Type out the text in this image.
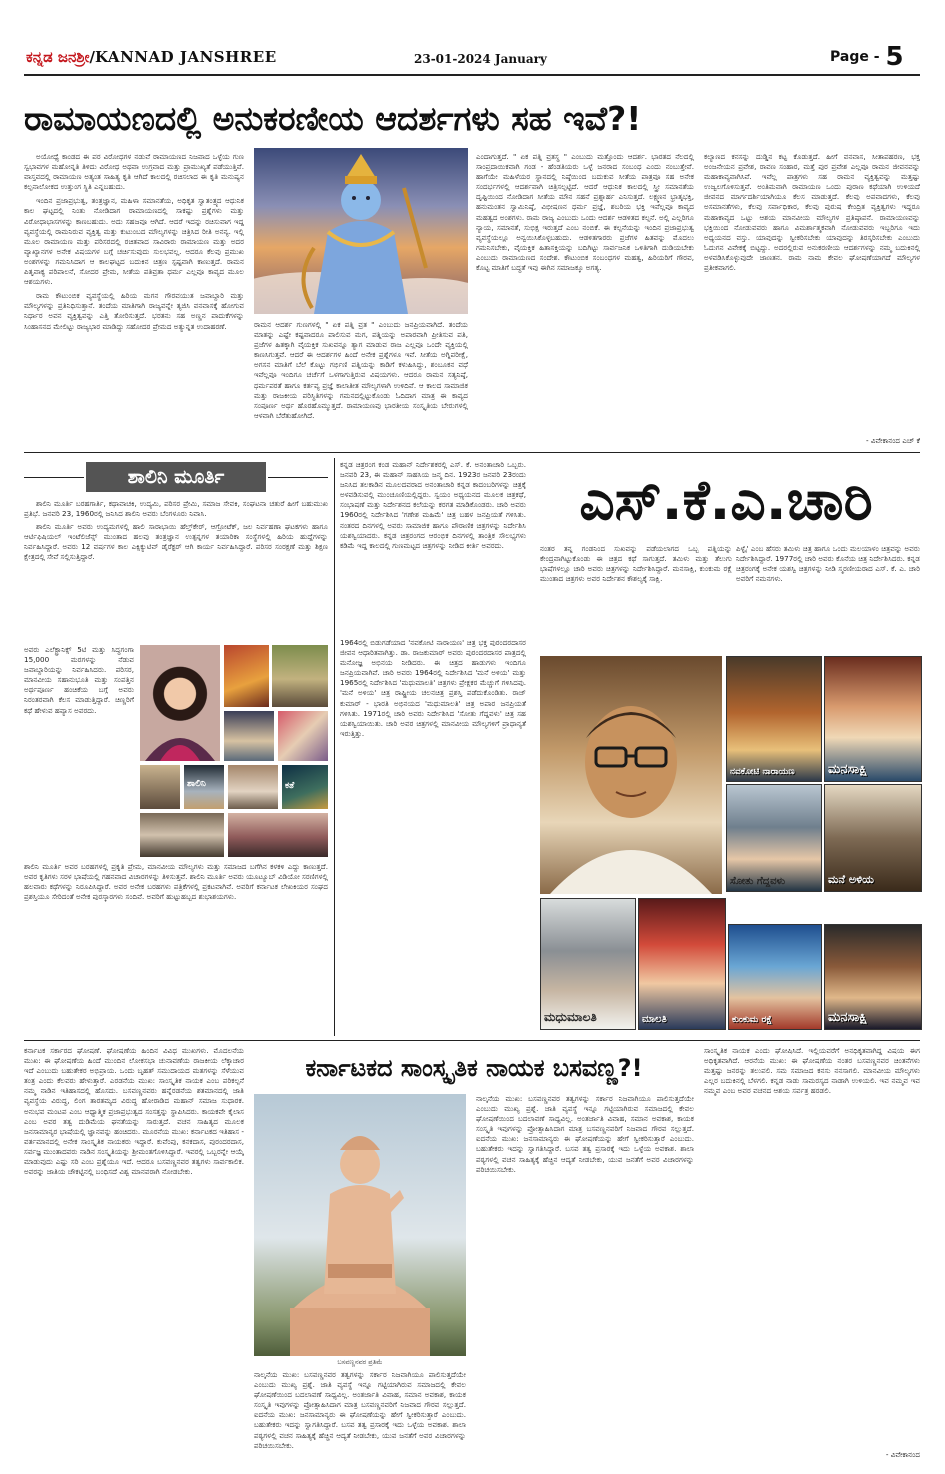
ಕನ್ನಡ ಜನಶ್ರೀ/KANNAD JANSHREE	23-01-2024 January	Page - 5
ರಾಮಾಯಣದಲ್ಲಿ ಅನುಕರಣೀಯ ಆದರ್ಶಗಳು ಸಹ ಇವೆ?!
ಅಯೋಧ್ಯೆ ಕಾಂಡದ ಈ ಪರ ವಿರೋಧಗಳ ನಡುವೆ ರಾಮಾಯಣದ ನಿಜವಾದ ಒಳ್ಳೆಯ ಗುಣ ಸ್ವಭಾವಗಳ ಮಹೋನ್ನತಿ ತಿಳಿದು ವಿರೋಧ ಅಥವಾ ಉಗ್ರವಾದ ಮತ್ತು ಪ್ರಾಮುಖ್ಯತೆ ಪಡೆಯುತ್ತಿವೆ. ವಾಸ್ತವದಲ್ಲಿ ರಾಮಾಯಣ ಅತ್ಯಂತ ಸಾಹಿತ್ಯ ಕೃತಿ ಆಗಿದೆ ಕಾಲದಲ್ಲಿ ರಚಿಸಲಾದ ಈ ಕೃತಿ ಮನುಷ್ಯನ ಕಲ್ಪನಾಲೋಕದ ಉತ್ತುಂಗ ಸ್ಥಿತಿ ಎನ್ನಬಹುದು.
ಇಂದಿನ ಪ್ರಜಾಪ್ರಭುತ್ವ, ತಂತ್ರಜ್ಞಾನ, ಮಹಿಳಾ ಸಮಾನತೆಯ, ಅಧಿಕೃತ ಸ್ವಾತಂತ್ರ್ಯದ ಆಧುನಿಕ ಕಾಲ ಘಟ್ಟದಲ್ಲಿ ನಿಂತು ನೋಡಿದಾಗ ರಾಮಾಯಣದಲ್ಲಿ ಸಾಕಷ್ಟು ಪ್ರಶ್ನೆಗಳು ಮತ್ತು ವಿರೋಧಾಭಾಸಗಳನ್ನು ಕಾಣಬಹುದು. ಅದು ಸಹಜವೂ ಆಗಿದೆ. ಆದರೆ ಇದನ್ನು ರಚಿಸುವಾಗ ಇದ್ದ ವ್ಯವಸ್ಥೆಯಲ್ಲಿ ರಾಮನಿರುವ ವ್ಯಕ್ತಿತ್ವ ಮತ್ತು ಕುಟುಂಬದ ಮೌಲ್ಯಗಳನ್ನು ಚಿತ್ರಿಸಿದ ರೀತಿ ಅನನ್ಯ. ಇಲ್ಲಿ ಮೂಲ ರಾಮಾಯಣ ಮತ್ತು ಪರಿಸರದಲ್ಲಿ ರಚಿತವಾದ ಸಾವಿರಾರು ರಾಮಾಯಣ ಮತ್ತು ಅದರ ವ್ಯಾಖ್ಯಾನಗಳ ಅನೇಕ ವಿಷಯಗಳ ಬಗ್ಗೆ ಚರ್ಚಿಸುವುದು ಸುಲಭವಲ್ಲ. ಆದರೂ ಕೆಲವು ಪ್ರಮುಖ ಅಂಶಗಳನ್ನು ಗಮನಿಸಿದಾಗ ಆ ಕಾಲಘಟ್ಟದ ಬದುಕಿನ ಚಿತ್ರಣ ಸ್ಪಷ್ಟವಾಗಿ ಕಾಣುತ್ತದೆ. ರಾಮನ ಪಿತೃವಾಕ್ಯ ಪರಿಪಾಲನೆ, ಸೋದರ ಪ್ರೇಮ, ಸೀತೆಯ ಪತಿವ್ರತಾ ಧರ್ಮ ಎಲ್ಲವೂ ಕಾವ್ಯದ ಮೂಲ ಆಶಯಗಳು.
ರಾಮ ಕೌಟುಂಬಿಕ ವ್ಯವಸ್ಥೆಯಲ್ಲಿ ಹಿರಿಯ ಮಗನ ಗೌರವಯುತ ಜವಾಬ್ದಾರಿ ಮತ್ತು ಮೌಲ್ಯಗಳನ್ನು ಪ್ರತಿನಿಧಿಸುತ್ತಾನೆ. ತಂದೆಯ ಮಾತಿಗಾಗಿ ರಾಜ್ಯವನ್ನೇ ತ್ಯಜಿಸಿ ವನವಾಸಕ್ಕೆ ಹೋಗುವ ನಿರ್ಧಾರ ಅವನ ವ್ಯಕ್ತಿತ್ವವನ್ನು ಎತ್ತಿ ತೋರಿಸುತ್ತದೆ. ಭರತನು ಸಹ ಅಣ್ಣನ ಪಾದುಕೆಗಳನ್ನು ಸಿಂಹಾಸನದ ಮೇಲಿಟ್ಟು ರಾಜ್ಯಭಾರ ಮಾಡಿದ್ದು ಸಹೋದರ ಪ್ರೇಮದ ಅತ್ಯುನ್ನತ ಉದಾಹರಣೆ.	ರಾಮನ ಆದರ್ಶ ಗುಣಗಳಲ್ಲಿ " ಏಕ ಪತ್ನಿ ವ್ರತ " ಎಂಬುದು ಜನಪ್ರಿಯವಾಗಿದೆ. ತಂದೆಯ ಮಾತನ್ನು ಎಷ್ಟೇ ಕಷ್ಟವಾದರೂ ಪಾಲಿಸುವ ಮಗ, ಪತ್ನಿಯನ್ನು ಅಪಾರವಾಗಿ ಪ್ರೀತಿಸುವ ಪತಿ, ಪ್ರಜೆಗಳ ಹಿತಕ್ಕಾಗಿ ವೈಯಕ್ತಿಕ ಸುಖವನ್ನೂ ತ್ಯಾಗ ಮಾಡುವ ರಾಜ ಎಲ್ಲವೂ ಒಂದೇ ವ್ಯಕ್ತಿಯಲ್ಲಿ ಕಾಣಸಿಗುತ್ತವೆ. ಆದರೆ ಈ ಆದರ್ಶಗಳ ಹಿಂದೆ ಅನೇಕ ಪ್ರಶ್ನೆಗಳೂ ಇವೆ. ಸೀತೆಯ ಅಗ್ನಿಪರೀಕ್ಷೆ, ಅಗಸನ ಮಾತಿಗೆ ಬೆಲೆ ಕೊಟ್ಟು ಗರ್ಭಿಣಿ ಪತ್ನಿಯನ್ನು ಕಾಡಿಗೆ ಕಳುಹಿಸಿದ್ದು, ಶಂಬೂಕನ ವಧೆ ಇವೆಲ್ಲವೂ ಇಂದಿಗೂ ಚರ್ಚೆಗೆ ಒಳಗಾಗುತ್ತಿರುವ ವಿಷಯಗಳು. ಆದರೂ ರಾಮನ ಸತ್ಯನಿಷ್ಠೆ, ಧರ್ಮಪರತೆ ಹಾಗೂ ಕರ್ತವ್ಯ ಪ್ರಜ್ಞೆ ಕಾಲಾತೀತ ಮೌಲ್ಯಗಳಾಗಿ ಉಳಿದಿವೆ. ಆ ಕಾಲದ ಸಾಮಾಜಿಕ ಮತ್ತು ರಾಜಕೀಯ ಪರಿಸ್ಥಿತಿಗಳನ್ನು ಗಮನದಲ್ಲಿಟ್ಟುಕೊಂಡು ಓದಿದಾಗ ಮಾತ್ರ ಈ ಕಾವ್ಯದ ಸಂಪೂರ್ಣ ಅರ್ಥ ಹೊರಹೊಮ್ಮುತ್ತದೆ. ರಾಮಾಯಣವು ಭಾರತೀಯ ಸಂಸ್ಕೃತಿಯ ಬೇರುಗಳಲ್ಲಿ ಆಳವಾಗಿ ಬೆರೆತುಹೋಗಿದೆ.
ಎಂದಾಗುತ್ತದೆ. " ಏಕ ಪತ್ನಿ ವ್ರತಸ್ಥ " ಎಂಬುದು ಮತ್ತೊಂದು ಆದರ್ಶ. ಭಾರತದ ನೆಲದಲ್ಲಿ ಸಾಂಪ್ರದಾಯಿಕವಾಗಿ ಗಂಡ - ಹೆಂಡತಿಯರು ಒಳ್ಳೆ ಜನರಾದ ಸಂಬಂಧ ಎಂದು ನಂಬುತ್ತೇವೆ. ಹಾಗೆಯೇ ಮಹಿಳೆಯರ ಸ್ಥಾನದಲ್ಲಿ ನಿಷ್ಠೆಯಿಂದ ಬದುಕುವ ಸೀತೆಯ ಪಾತ್ರವೂ ಸಹ ಅನೇಕ ಸಂದರ್ಭಗಳಲ್ಲಿ ಆದರ್ಶವಾಗಿ ಚಿತ್ರಿಸಲ್ಪಟ್ಟಿದೆ. ಆದರೆ ಆಧುನಿಕ ಕಾಲದಲ್ಲಿ ಸ್ತ್ರೀ ಸಮಾನತೆಯ ದೃಷ್ಟಿಯಿಂದ ನೋಡಿದಾಗ ಸೀತೆಯ ಮೌನ ಸಹನೆ ಪ್ರಶ್ನಾರ್ಹ ಎನಿಸುತ್ತದೆ. ಲಕ್ಷ್ಮಣನ ಭ್ರಾತೃಭಕ್ತಿ, ಹನುಮಂತನ ಸ್ವಾಮಿನಿಷ್ಠೆ, ವಿಭೀಷಣನ ಧರ್ಮ ಪ್ರಜ್ಞೆ, ಶಬರಿಯ ಭಕ್ತಿ ಇವೆಲ್ಲವೂ ಕಾವ್ಯದ ಮಹತ್ವದ ಅಂಶಗಳು. ರಾಮ ರಾಜ್ಯ ಎಂಬುದು ಒಂದು ಆದರ್ಶ ಆಡಳಿತದ ಕಲ್ಪನೆ. ಅಲ್ಲಿ ಎಲ್ಲರಿಗೂ ನ್ಯಾಯ, ಸಮಾನತೆ, ಸುಭಿಕ್ಷ ಇರುತ್ತದೆ ಎಂಬ ನಂಬಿಕೆ. ಈ ಕಲ್ಪನೆಯನ್ನು ಇಂದಿನ ಪ್ರಜಾಪ್ರಭುತ್ವ ವ್ಯವಸ್ಥೆಯಲ್ಲೂ ಅನ್ವಯಿಸಿಕೊಳ್ಳಬಹುದು. ಆಡಳಿತಗಾರರು ಪ್ರಜೆಗಳ ಹಿತವನ್ನು ಮೊದಲು ಗಮನಿಸಬೇಕು, ವೈಯಕ್ತಿಕ ಹಿತಾಸಕ್ತಿಯನ್ನು ಬದಿಗಿಟ್ಟು ಸಾರ್ವಜನಿಕ ಒಳಿತಿಗಾಗಿ ದುಡಿಯಬೇಕು ಎಂಬುದು ರಾಮಾಯಣದ ಸಂದೇಶ. ಕೌಟುಂಬಿಕ ಸಂಬಂಧಗಳ ಮಹತ್ವ, ಹಿರಿಯರಿಗೆ ಗೌರವ, ಕೊಟ್ಟ ಮಾತಿಗೆ ಬದ್ಧತೆ ಇವು ಈಗಿನ ಸಮಾಜಕ್ಕೂ ಅಗತ್ಯ.
ಕಲ್ಯಾಣದ ಕನಸನ್ನು ದುಡ್ಡಿನ ಕಟ್ಟ ಕೊಡುತ್ತದೆ. ಹೀಗೆ ವನವಾಸ, ಸೀತಾಪಹರಣ, ಭಕ್ತ ಅಂಜನೇಯನ ಪ್ರವೇಶ, ರಾವಣ ಸಂಹಾರ, ಮತ್ತೆ ಪುರ ಪ್ರವೇಶ ಎಲ್ಲವೂ ರಾಮನ ಜೀವನವನ್ನು ಮಹಾಕಾವ್ಯವಾಗಿಸಿವೆ. ಇವೆಲ್ಲ ಪಾತ್ರಗಳು ಸಹ ರಾಮನ ವ್ಯಕ್ತಿತ್ವವನ್ನು ಮತ್ತಷ್ಟು ಉಜ್ವಲಗೊಳಿಸುತ್ತವೆ. ಅಂತಿಮವಾಗಿ ರಾಮಾಯಣ ಒಂದು ಪುರಾಣ ಕಥೆಯಾಗಿ ಉಳಿಯದೆ ಜೀವನದ ಮಾರ್ಗದರ್ಶಿಯಾಗಿಯೂ ಕೆಲಸ ಮಾಡುತ್ತದೆ. ಕೆಲವು ಅಪವಾದಗಳು, ಕೆಲವು ಅಸಮಾನತೆಗಳು, ಕೆಲವು ಸರ್ವಾಧಿಕಾರ, ಕೆಲವು ಪುರುಷ ಕೇಂದ್ರಿತ ವ್ಯಕ್ತಿತ್ವಗಳು ಇದ್ದರೂ ಮಹಾಕಾವ್ಯದ ಒಟ್ಟು ಆಶಯ ಮಾನವೀಯ ಮೌಲ್ಯಗಳ ಪ್ರತಿಷ್ಠಾಪನೆ. ರಾಮಾಯಣವನ್ನು ಭಕ್ತಿಯಿಂದ ನೋಡುವವರು ಹಾಗೂ ವಿಮರ್ಶಾತ್ಮಕವಾಗಿ ನೋಡುವವರು ಇಬ್ಬರಿಗೂ ಇದು ಅಧ್ಯಯನದ ವಸ್ತು. ಯಾವುದನ್ನು ಸ್ವೀಕರಿಸಬೇಕು ಯಾವುದನ್ನು ತಿರಸ್ಕರಿಸಬೇಕು ಎಂಬುದು ಓದುಗನ ವಿವೇಕಕ್ಕೆ ಬಿಟ್ಟದ್ದು. ಅದರಲ್ಲಿರುವ ಅನುಕರಣೀಯ ಆದರ್ಶಗಳನ್ನು ನಮ್ಮ ಬದುಕಿನಲ್ಲಿ ಅಳವಡಿಸಿಕೊಳ್ಳುವುದೇ ಜಾಣತನ. ರಾಮ ನಾಮ ಕೇವಲ ಘೋಷಣೆಯಾಗದೆ ಮೌಲ್ಯಗಳ ಪ್ರತೀಕವಾಗಲಿ.
- ವಿವೇಕಾನಂದ ಎಚ್ ಕೆ
ಶಾಲಿನಿ ಮೂರ್ತಿ
ಶಾಲಿನಿ ಮೂರ್ತಿ ಬರಹಗಾರ್ತಿ, ಕಥಾವಾಚಕಿ, ಉದ್ಯಮಿ, ಪರಿಸರ ಪ್ರೇಮಿ, ಸಮಾಜ ಸೇವಕಿ, ಸಂಘಟನಾ ಚತುರೆ ಹೀಗೆ ಬಹುಮುಖ ಪ್ರತಿಭೆ. ಜನವರಿ 23, 1960ರಲ್ಲಿ ಜನಿಸಿದ ಶಾಲಿನಿ ಅವರು ಬೆಂಗಳೂರು ನಿವಾಸಿ.
ಶಾಲಿನಿ ಮೂರ್ತಿ ಅವರು ಉದ್ಯಮಗಳಲ್ಲಿ ಹಾಲಿ ಸಾರಾಭಾಯಿ ಹೆಲ್ತ್‌ಕೇರ್, ಆಗ್ರೋಟೆಕ್, ಜಲ ನಿರ್ವಹಣಾ ಘಟಕಗಳು ಹಾಗೂ ಆರ್ಟಿಫಿಷಿಯಲ್ ಇಂಟೆಲಿಜೆನ್ಸ್ ಮುಂತಾದ ಹಲವು ತಂತ್ರಜ್ಞಾನ ಉತ್ಪನ್ನಗಳ ತಯಾರಿಕಾ ಸಂಸ್ಥೆಗಳಲ್ಲಿ ಹಿರಿಯ ಹುದ್ದೆಗಳನ್ನು ನಿರ್ವಹಿಸಿದ್ದಾರೆ. ಅವರು 12 ವರ್ಷಗಳ ಕಾಲ ಎಕ್ಸಿಕ್ಯುಟಿವ್ ಡೈರೆಕ್ಟರ್ ಆಗಿ ಕಾರ್ಯ ನಿರ್ವಹಿಸಿದ್ದಾರೆ. ಪರಿಸರ ಸಂರಕ್ಷಣೆ ಮತ್ತು ಶಿಕ್ಷಣ ಕ್ಷೇತ್ರದಲ್ಲಿ ಸೇವೆ ಸಲ್ಲಿಸುತ್ತಿದ್ದಾರೆ.
ಅವರು ಎಲೆಕ್ಟ್ರಾನಿಕ್ಸ್ 5ಟಿ ಮತ್ತು ಸಿದ್ಧಗಂಗಾ 15,000 ಮರಗಳನ್ನು ನೆಡುವ ಜವಾಬ್ದಾರಿಯನ್ನು ನಿರ್ವಹಿಸಿದರು. ಪರಿಸರ, ಮಾನವೀಯ ಸಹಾನುಭೂತಿ ಮತ್ತು ಸಂಪತ್ತಿನ ಅರ್ಥಪೂರ್ಣ ಹಂಚಿಕೆಯ ಬಗ್ಗೆ ಅವರು ನಿರಂತರವಾಗಿ ಕೆಲಸ ಮಾಡುತ್ತಿದ್ದಾರೆ. ಚಿಣ್ಣರಿಗೆ ಕಥೆ ಹೇಳುವ ಹವ್ಯಾಸ ಅವರದು.
ಶಾಲಿನಿ	ಕತೆ
ಶಾಲಿನಿ ಮೂರ್ತಿ ಅವರ ಬರಹಗಳಲ್ಲಿ ಪ್ರಕೃತಿ ಪ್ರೇಮ, ಮಾನವೀಯ ಮೌಲ್ಯಗಳು ಮತ್ತು ಸಮಾಜದ ಬಗೆಗಿನ ಕಳಕಳಿ ಎದ್ದು ಕಾಣುತ್ತದೆ. ಅವರ ಕೃತಿಗಳು ಸರಳ ಭಾಷೆಯಲ್ಲಿ ಗಹನವಾದ ವಿಚಾರಗಳನ್ನು ತಿಳಿಸುತ್ತವೆ. ಶಾಲಿನಿ ಮೂರ್ತಿ ಅವರು ಯೂಟ್ಯೂಬ್ ವಿಡಿಯೋ ಸರಣಿಗಳಲ್ಲಿ ಹಲವಾರು ಕಥೆಗಳನ್ನು ನಿರೂಪಿಸಿದ್ದಾರೆ. ಅವರ ಅನೇಕ ಬರಹಗಳು ಪತ್ರಿಕೆಗಳಲ್ಲಿ ಪ್ರಕಟವಾಗಿವೆ. ಅವರಿಗೆ ಕರ್ನಾಟಕ ಲೇಖಕಿಯರ ಸಂಘದ ಪ್ರಶಸ್ತಿಯೂ ಸೇರಿದಂತೆ ಅನೇಕ ಪುರಸ್ಕಾರಗಳು ಸಂದಿವೆ. ಅವರಿಗೆ ಹುಟ್ಟುಹಬ್ಬದ ಶುಭಾಶಯಗಳು.
ಕನ್ನಡ ಚಿತ್ರರಂಗ ಕಂಡ ಮಹಾನ್ ನಿರ್ದೇಶಕರಲ್ಲಿ ಎಸ್. ಕೆ. ಅನಂತಾಚಾರಿ ಒಬ್ಬರು. ಜನವರಿ 23, ಈ ಮಹಾನ್ ಸಾಹಸಿಯ ಜನ್ಮ ದಿನ. 1923ರ ಜನವರಿ 23ರಂದು ಜನಿಸಿದ ತಲಕಾಡಿನ ಮೂಲದವರಾದ ಅನಂತಾಚಾರಿ ಕನ್ನಡ ಕಾದಂಬರಿಗಳನ್ನು ಚಿತ್ರಕ್ಕೆ ಅಳವಡಿಸುವಲ್ಲಿ ಮುಂಚೂಣಿಯಲ್ಲಿದ್ದರು. ಸ್ವಯಂ ಅಧ್ಯಯನದ ಮೂಲಕ ಚಿತ್ರಕಥೆ, ಸಂಭಾಷಣೆ ಮತ್ತು ನಿರ್ದೇಶನದ ಕಲೆಯನ್ನು ಕರಗತ ಮಾಡಿಕೊಂಡರು. ಚಾರಿ ಅವರು 1960ರಲ್ಲಿ ನಿರ್ದೇಶಿಸಿದ 'ಗಣೇಶ ಮಹಿಮೆ' ಚಿತ್ರ ಬಹಳ ಜನಪ್ರಿಯತೆ ಗಳಿಸಿತು. ನಂತರದ ದಿನಗಳಲ್ಲಿ ಅವರು ಸಾಮಾಜಿಕ ಹಾಗೂ ಪೌರಾಣಿಕ ಚಿತ್ರಗಳನ್ನು ನಿರ್ದೇಶಿಸಿ ಯಶಸ್ವಿಯಾದರು. ಕನ್ನಡ ಚಿತ್ರರಂಗದ ಆರಂಭಿಕ ದಿನಗಳಲ್ಲಿ ತಾಂತ್ರಿಕ ಸೌಲಭ್ಯಗಳು ಕಡಿಮೆ ಇದ್ದ ಕಾಲದಲ್ಲಿ ಗುಣಮಟ್ಟದ ಚಿತ್ರಗಳನ್ನು ನೀಡಿದ ಕೀರ್ತಿ ಅವರದು.
ಎಸ್.ಕೆ.ಎ.ಚಾರಿ
ನಂತರ ತನ್ನ ಗಂಡನಿಂದ ಸುಖವನ್ನು ಪಡೆಯಲಾಗದ ಒಬ್ಬ ಪತ್ನಿಯನ್ನು ಕೇಂದ್ರವಾಗಿಟ್ಟುಕೊಂಡು ಈ ಚಿತ್ರದ ಕಥೆ ಸಾಗುತ್ತದೆ. ತಮಿಳು ಮತ್ತು ತೆಲುಗು ಭಾಷೆಗಳಲ್ಲೂ ಚಾರಿ ಅವರು ಚಿತ್ರಗಳನ್ನು ನಿರ್ದೇಶಿಸಿದ್ದಾರೆ. ಮನಸಾಕ್ಷಿ, ಕುಂಕುಮ ರಕ್ಷೆ ಮುಂತಾದ ಚಿತ್ರಗಳು ಅವರ ನಿರ್ದೇಶನ ಕೌಶಲ್ಯಕ್ಕೆ ಸಾಕ್ಷಿ.
ಪಿಳ್ಳೈ' ಎಂಬ ಹೆಸರು ತಮಿಳು ಚಿತ್ರ ಹಾಗೂ ಒಂದು ಮಲಯಾಳಂ ಚಿತ್ರವನ್ನು ಅವರು ನಿರ್ದೇಶಿಸಿದ್ದಾರೆ. 1977ರಲ್ಲಿ ಚಾರಿ ಅವರು ಕೊನೆಯ ಚಿತ್ರ ನಿರ್ದೇಶಿಸಿದರು. ಕನ್ನಡ ಚಿತ್ರರಂಗಕ್ಕೆ ಅನೇಕ ಯಶಸ್ವಿ ಚಿತ್ರಗಳನ್ನು ನೀಡಿ ಸ್ಮರಣೀಯರಾದ ಎಸ್. ಕೆ. ಎ. ಚಾರಿ ಅವರಿಗೆ ನಮನಗಳು.
1964ರಲ್ಲಿ ಬಿಡುಗಡೆಯಾದ 'ನವಕೋಟಿ ನಾರಾಯಣ' ಚಿತ್ರ ಭಕ್ತ ಪುರಂದರದಾಸರ ಜೀವನ ಆಧಾರಿತವಾಗಿತ್ತು. ಡಾ. ರಾಜಕುಮಾರ್ ಅವರು ಪುರಂದರದಾಸರ ಪಾತ್ರದಲ್ಲಿ ಮನೋಜ್ಞ ಅಭಿನಯ ನೀಡಿದರು. ಈ ಚಿತ್ರದ ಹಾಡುಗಳು ಇಂದಿಗೂ ಜನಪ್ರಿಯವಾಗಿವೆ. ಚಾರಿ ಅವರು 1964ರಲ್ಲಿ ನಿರ್ದೇಶಿಸಿದ 'ಮನೆ ಅಳಿಯ' ಮತ್ತು 1965ರಲ್ಲಿ ನಿರ್ದೇಶಿಸಿದ 'ಮಧುಮಾಲತಿ' ಚಿತ್ರಗಳು ಪ್ರೇಕ್ಷಕರ ಮೆಚ್ಚುಗೆ ಗಳಿಸಿದವು. 'ಮನೆ ಅಳಿಯ' ಚಿತ್ರ ರಾಷ್ಟ್ರೀಯ ಚಲನಚಿತ್ರ ಪ್ರಶಸ್ತಿ ಪಡೆದುಕೊಂಡಿತು. ರಾಜ್ ಕುಮಾರ್ - ಭಾರತಿ ಅಭಿನಯದ 'ಮಧುಮಾಲತಿ' ಚಿತ್ರ ಅಪಾರ ಜನಪ್ರಿಯತೆ ಗಳಿಸಿತು. 1971ರಲ್ಲಿ ಚಾರಿ ಅವರು ನಿರ್ದೇಶಿಸಿದ 'ಸೋತು ಗೆದ್ದವಳು' ಚಿತ್ರ ಸಹ ಯಶಸ್ವಿಯಾಯಿತು. ಚಾರಿ ಅವರ ಚಿತ್ರಗಳಲ್ಲಿ ಮಾನವೀಯ ಮೌಲ್ಯಗಳಿಗೆ ಪ್ರಾಧಾನ್ಯತೆ ಇರುತ್ತಿತ್ತು.
ನವಕೋಟಿ ನಾರಾಯಣ	ಮನಸಾಕ್ಷಿ
ಸೋತು ಗೆದ್ದವಳು	ಮನೆ ಅಳಿಯ
ಮಧುಮಾಲತಿ	ಮಾಲತಿ	ಕುಂಕುಮ ರಕ್ಷೆ	ಮನಸಾಕ್ಷಿ
ಕರ್ನಾಟಕ ಸರ್ಕಾರದ ಘೋಷಣೆ. ಘೋಷಣೆಯ ಹಿಂದಿನ ವಿವಿಧ ಮುಖಗಳು. ಮೊದಲನೆಯ ಮುಖ: ಈ ಘೋಷಣೆಯ ಹಿಂದೆ ಮುಂದಿನ ಲೋಕಸಭಾ ಚುನಾವಣೆಯ ರಾಜಕೀಯ ಲೆಕ್ಕಾಚಾರ ಇದೆ ಎಂಬುದು ಬಹುತೇಕರ ಅಭಿಪ್ರಾಯ. ಒಂದು ಬೃಹತ್ ಸಮುದಾಯದ ಮತಗಳನ್ನು ಸೆಳೆಯುವ ತಂತ್ರ ಎಂದು ಕೆಲವರು ಹೇಳುತ್ತಾರೆ. ಎರಡನೆಯ ಮುಖ: ಸಾಂಸ್ಕೃತಿಕ ನಾಯಕ ಎಂಬ ಪರಿಕಲ್ಪನೆ ನಮ್ಮ ನಾಡಿನ ಇತಿಹಾಸದಲ್ಲಿ ಹೊಸದು. ಬಸವಣ್ಣನವರು ಹನ್ನೆರಡನೆಯ ಶತಮಾನದಲ್ಲಿ ಜಾತಿ ವ್ಯವಸ್ಥೆಯ ವಿರುದ್ಧ, ಲಿಂಗ ತಾರತಮ್ಯದ ವಿರುದ್ಧ ಹೋರಾಡಿದ ಮಹಾನ್ ಸಮಾಜ ಸುಧಾರಕ. ಅನುಭವ ಮಂಟಪ ಎಂಬ ಆಧ್ಯಾತ್ಮಿಕ ಪ್ರಜಾಪ್ರಭುತ್ವದ ಸಂಸತ್ತನ್ನು ಸ್ಥಾಪಿಸಿದರು. ಕಾಯಕವೇ ಕೈಲಾಸ ಎಂಬ ಅವರ ತತ್ವ ದುಡಿಮೆಯ ಘನತೆಯನ್ನು ಸಾರುತ್ತದೆ. ವಚನ ಸಾಹಿತ್ಯದ ಮೂಲಕ ಜನಸಾಮಾನ್ಯರ ಭಾಷೆಯಲ್ಲಿ ಜ್ಞಾನವನ್ನು ಹಂಚಿದರು. ಮೂರನೆಯ ಮುಖ: ಕರ್ನಾಟಕದ ಇತಿಹಾಸ - ವರ್ತಮಾನದಲ್ಲಿ ಅನೇಕ ಸಾಂಸ್ಕೃತಿಕ ನಾಯಕರು ಇದ್ದಾರೆ. ಕುವೆಂಪು, ಕನಕದಾಸ, ಪುರಂದರದಾಸ, ಸರ್ವಜ್ಞ ಮುಂತಾದವರು ನಾಡಿನ ಸಂಸ್ಕೃತಿಯನ್ನು ಶ್ರೀಮಂತಗೊಳಿಸಿದ್ದಾರೆ. ಇವರಲ್ಲಿ ಒಬ್ಬರನ್ನೇ ಆಯ್ಕೆ ಮಾಡುವುದು ಎಷ್ಟು ಸರಿ ಎಂಬ ಪ್ರಶ್ನೆಯೂ ಇದೆ. ಆದರೂ ಬಸವಣ್ಣನವರ ತತ್ವಗಳು ಸಾರ್ವಕಾಲಿಕ. ಅವರನ್ನು ಜಾತಿಯ ಚೌಕಟ್ಟಿನಲ್ಲಿ ಬಂಧಿಸದೆ ವಿಶ್ವ ಮಾನವರಾಗಿ ನೋಡಬೇಕು.
ಕರ್ನಾಟಕದ ಸಾಂಸ್ಕೃತಿಕ ನಾಯಕ ಬಸವಣ್ಣ?!
ಬಸವಣ್ಣನವರ ಪ್ರತಿಮೆ
ನಾಲ್ಕನೆಯ ಮುಖ: ಬಸವಣ್ಣನವರ ತತ್ವಗಳನ್ನು ಸರ್ಕಾರ ನಿಜವಾಗಿಯೂ ಪಾಲಿಸುತ್ತದೆಯೇ ಎಂಬುದು ಮುಖ್ಯ ಪ್ರಶ್ನೆ. ಜಾತಿ ವ್ಯವಸ್ಥೆ ಇನ್ನೂ ಗಟ್ಟಿಯಾಗಿರುವ ಸಮಾಜದಲ್ಲಿ ಕೇವಲ ಘೋಷಣೆಯಿಂದ ಬದಲಾವಣೆ ಸಾಧ್ಯವಿಲ್ಲ. ಅಂತರ್ಜಾತಿ ವಿವಾಹ, ಸಮಾನ ಅವಕಾಶ, ಕಾಯಕ ಸಂಸ್ಕೃತಿ ಇವುಗಳನ್ನು ಪ್ರೋತ್ಸಾಹಿಸಿದಾಗ ಮಾತ್ರ ಬಸವಣ್ಣನವರಿಗೆ ನಿಜವಾದ ಗೌರವ ಸಲ್ಲುತ್ತದೆ. ಐದನೆಯ ಮುಖ: ಜನಸಾಮಾನ್ಯರು ಈ ಘೋಷಣೆಯನ್ನು ಹೇಗೆ ಸ್ವೀಕರಿಸುತ್ತಾರೆ ಎಂಬುದು. ಬಹುತೇಕರು ಇದನ್ನು ಸ್ವಾಗತಿಸಿದ್ದಾರೆ. ಬಸವ ತತ್ವ ಪ್ರಸಾರಕ್ಕೆ ಇದು ಒಳ್ಳೆಯ ಅವಕಾಶ. ಶಾಲಾ ಪಠ್ಯಗಳಲ್ಲಿ ವಚನ ಸಾಹಿತ್ಯಕ್ಕೆ ಹೆಚ್ಚಿನ ಆದ್ಯತೆ ನೀಡಬೇಕು, ಯುವ ಜನತೆಗೆ ಅವರ ವಿಚಾರಗಳನ್ನು ಪರಿಚಯಿಸಬೇಕು.
ನಾಲ್ಕನೆಯ ಮುಖ: ಬಸವಣ್ಣನವರ ತತ್ವಗಳನ್ನು ಸರ್ಕಾರ ನಿಜವಾಗಿಯೂ ಪಾಲಿಸುತ್ತದೆಯೇ ಎಂಬುದು ಮುಖ್ಯ ಪ್ರಶ್ನೆ. ಜಾತಿ ವ್ಯವಸ್ಥೆ ಇನ್ನೂ ಗಟ್ಟಿಯಾಗಿರುವ ಸಮಾಜದಲ್ಲಿ ಕೇವಲ ಘೋಷಣೆಯಿಂದ ಬದಲಾವಣೆ ಸಾಧ್ಯವಿಲ್ಲ. ಅಂತರ್ಜಾತಿ ವಿವಾಹ, ಸಮಾನ ಅವಕಾಶ, ಕಾಯಕ ಸಂಸ್ಕೃತಿ ಇವುಗಳನ್ನು ಪ್ರೋತ್ಸಾಹಿಸಿದಾಗ ಮಾತ್ರ ಬಸವಣ್ಣನವರಿಗೆ ನಿಜವಾದ ಗೌರವ ಸಲ್ಲುತ್ತದೆ. ಐದನೆಯ ಮುಖ: ಜನಸಾಮಾನ್ಯರು ಈ ಘೋಷಣೆಯನ್ನು ಹೇಗೆ ಸ್ವೀಕರಿಸುತ್ತಾರೆ ಎಂಬುದು. ಬಹುತೇಕರು ಇದನ್ನು ಸ್ವಾಗತಿಸಿದ್ದಾರೆ. ಬಸವ ತತ್ವ ಪ್ರಸಾರಕ್ಕೆ ಇದು ಒಳ್ಳೆಯ ಅವಕಾಶ. ಶಾಲಾ ಪಠ್ಯಗಳಲ್ಲಿ ವಚನ ಸಾಹಿತ್ಯಕ್ಕೆ ಹೆಚ್ಚಿನ ಆದ್ಯತೆ ನೀಡಬೇಕು, ಯುವ ಜನತೆಗೆ ಅವರ ವಿಚಾರಗಳನ್ನು ಪರಿಚಯಿಸಬೇಕು.
ಸಾಂಸ್ಕೃತಿಕ ನಾಯಕ ಎಂದು ಘೋಷಿಸಿದೆ. ಇಲ್ಲಿಯವರೆಗೆ ಅನಧಿಕೃತವಾಗಿದ್ದ ವಿಷಯ ಈಗ ಅಧಿಕೃತವಾಗಿದೆ. ಆರನೆಯ ಮುಖ: ಈ ಘೋಷಣೆಯ ನಂತರ ಬಸವಣ್ಣನವರ ಚಿಂತನೆಗಳು ಮತ್ತಷ್ಟು ಜನರನ್ನು ತಲುಪಲಿ. ಸಮ ಸಮಾಜದ ಕನಸು ನನಸಾಗಲಿ. ಮಾನವೀಯ ಮೌಲ್ಯಗಳು ಎಲ್ಲರ ಬದುಕಿನಲ್ಲಿ ಬೆಳಗಲಿ. ಕನ್ನಡ ನಾಡು ಸಾಮರಸ್ಯದ ನಾಡಾಗಿ ಉಳಿಯಲಿ. ಇವ ನಮ್ಮವ ಇವ ನಮ್ಮವ ಎಂಬ ಅವರ ವಚನದ ಆಶಯ ಸರ್ವತ್ರ ಹರಡಲಿ.
- ವಿವೇಕಾನಂದ
